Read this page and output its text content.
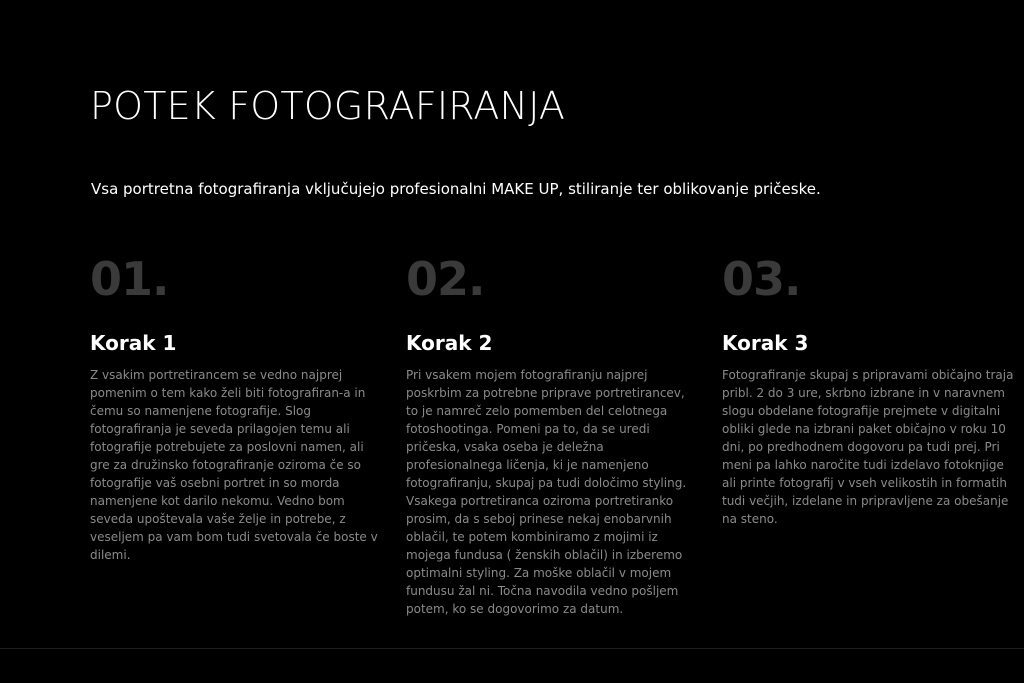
POTEK FOTOGRAFIRANJA

Vsa portretna fotografiranja vključujejo profesionalni MAKE UP, stiliranje ter oblikovanje pričeske.

01.
Korak 1

Z vsakim portretirancem se vedno najprej pomenim o tem kako želi biti fotografiran-a in čemu so namenjene fotografije. Slog fotografiranja je seveda prilagojen temu ali fotografije potrebujete za poslovni namen, ali gre za družinsko fotografiranje oziroma če so fotografije vaš osebni portret in so morda namenjene kot darilo nekomu. Vedno bom seveda upoštevala vaše želje in potrebe, z veseljem pa vam bom tudi svetovala če boste v dilemi.

02.
Korak 2

Pri vsakem mojem fotografiranju najprej poskrbim za potrebne priprave portretirancev, to je namreč zelo pomemben del celotnega fotoshootinga. Pomeni pa to, da se uredi pričeska, vsaka oseba je deležna profesionalnega ličenja, ki je namenjeno fotografiranju, skupaj pa tudi določimo styling. Vsakega portretiranca oziroma portretiranko prosim, da s seboj prinese nekaj enobarvnih oblačil, te potem kombiniramo z mojimi iz mojega fundusa ( ženskih oblačil) in izberemo optimalni styling. Za moške oblačil v mojem fundusu žal ni. Točna navodila vedno pošljem potem, ko se dogovorimo za datum.

03.
Korak 3

Fotografiranje skupaj s pripravami običajno traja pribl. 2 do 3 ure, skrbno izbrane in v naravnem slogu obdelane fotografije prejmete v digitalni obliki glede na izbrani paket običajno v roku 10 dni, po predhodnem dogovoru pa tudi prej. Pri meni pa lahko naročite tudi izdelavo fotoknjige ali printe fotografij v vseh velikostih in formatih tudi večjih, izdelane in pripravljene za obešanje na steno.
